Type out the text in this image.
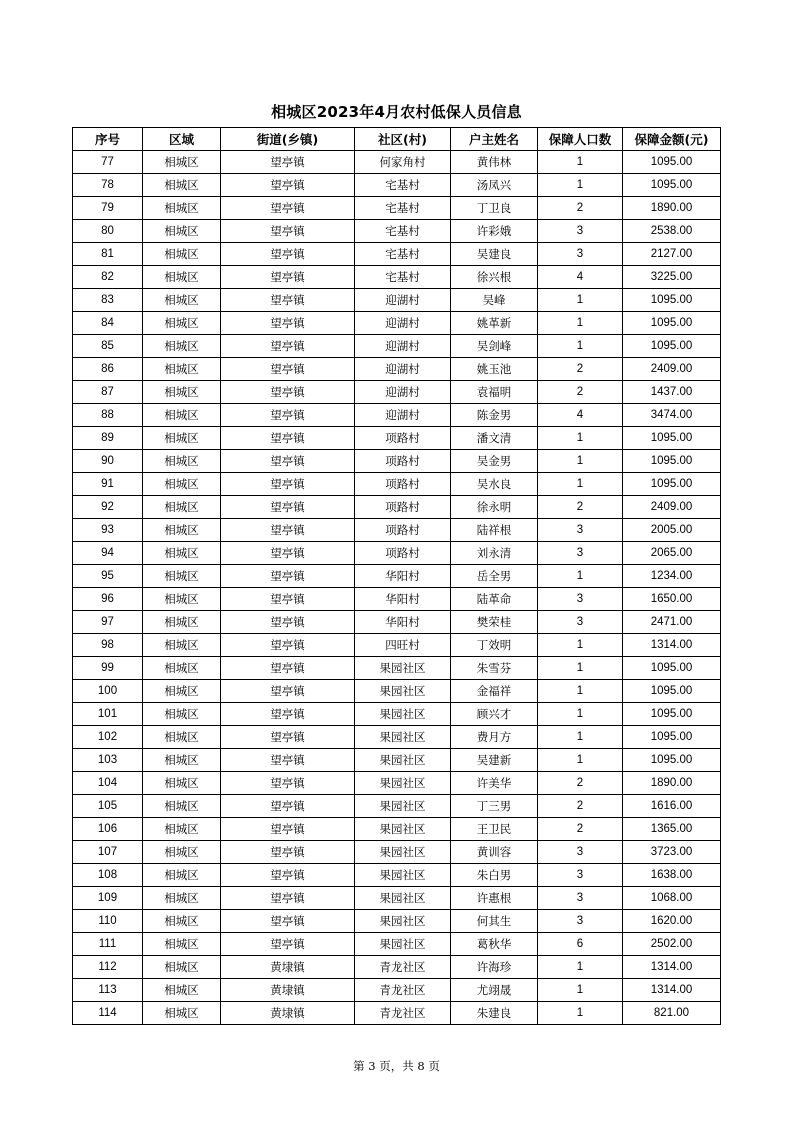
相城区2023年4月农村低保人员信息
序号	区域	街道(乡镇)	社区(村)	户主姓名	保障人口数	保障金额(元)
77	相城区	望亭镇	何家角村	黄伟林	1	1095.00
78	相城区	望亭镇	宅基村	汤凤兴	1	1095.00
79	相城区	望亭镇	宅基村	丁卫良	2	1890.00
80	相城区	望亭镇	宅基村	许彩娥	3	2538.00
81	相城区	望亭镇	宅基村	吴建良	3	2127.00
82	相城区	望亭镇	宅基村	徐兴根	4	3225.00
83	相城区	望亭镇	迎湖村	吴峰	1	1095.00
84	相城区	望亭镇	迎湖村	姚革新	1	1095.00
85	相城区	望亭镇	迎湖村	吴剑峰	1	1095.00
86	相城区	望亭镇	迎湖村	姚玉池	2	2409.00
87	相城区	望亭镇	迎湖村	袁福明	2	1437.00
88	相城区	望亭镇	迎湖村	陈金男	4	3474.00
89	相城区	望亭镇	项路村	潘文清	1	1095.00
90	相城区	望亭镇	项路村	吴金男	1	1095.00
91	相城区	望亭镇	项路村	吴水良	1	1095.00
92	相城区	望亭镇	项路村	徐永明	2	2409.00
93	相城区	望亭镇	项路村	陆祥根	3	2005.00
94	相城区	望亭镇	项路村	刘永清	3	2065.00
95	相城区	望亭镇	华阳村	岳全男	1	1234.00
96	相城区	望亭镇	华阳村	陆革命	3	1650.00
97	相城区	望亭镇	华阳村	樊荣桂	3	2471.00
98	相城区	望亭镇	四旺村	丁效明	1	1314.00
99	相城区	望亭镇	果园社区	朱雪芬	1	1095.00
100	相城区	望亭镇	果园社区	金福祥	1	1095.00
101	相城区	望亭镇	果园社区	顾兴才	1	1095.00
102	相城区	望亭镇	果园社区	费月方	1	1095.00
103	相城区	望亭镇	果园社区	吴建新	1	1095.00
104	相城区	望亭镇	果园社区	许美华	2	1890.00
105	相城区	望亭镇	果园社区	丁三男	2	1616.00
106	相城区	望亭镇	果园社区	王卫民	2	1365.00
107	相城区	望亭镇	果园社区	黄训容	3	3723.00
108	相城区	望亭镇	果园社区	朱白男	3	1638.00
109	相城区	望亭镇	果园社区	许惠根	3	1068.00
110	相城区	望亭镇	果园社区	何其生	3	1620.00
111	相城区	望亭镇	果园社区	葛秋华	6	2502.00
112	相城区	黄埭镇	青龙社区	许海珍	1	1314.00
113	相城区	黄埭镇	青龙社区	尤翊晟	1	1314.00
114	相城区	黄埭镇	青龙社区	朱建良	1	821.00
第 3 页，共 8 页
